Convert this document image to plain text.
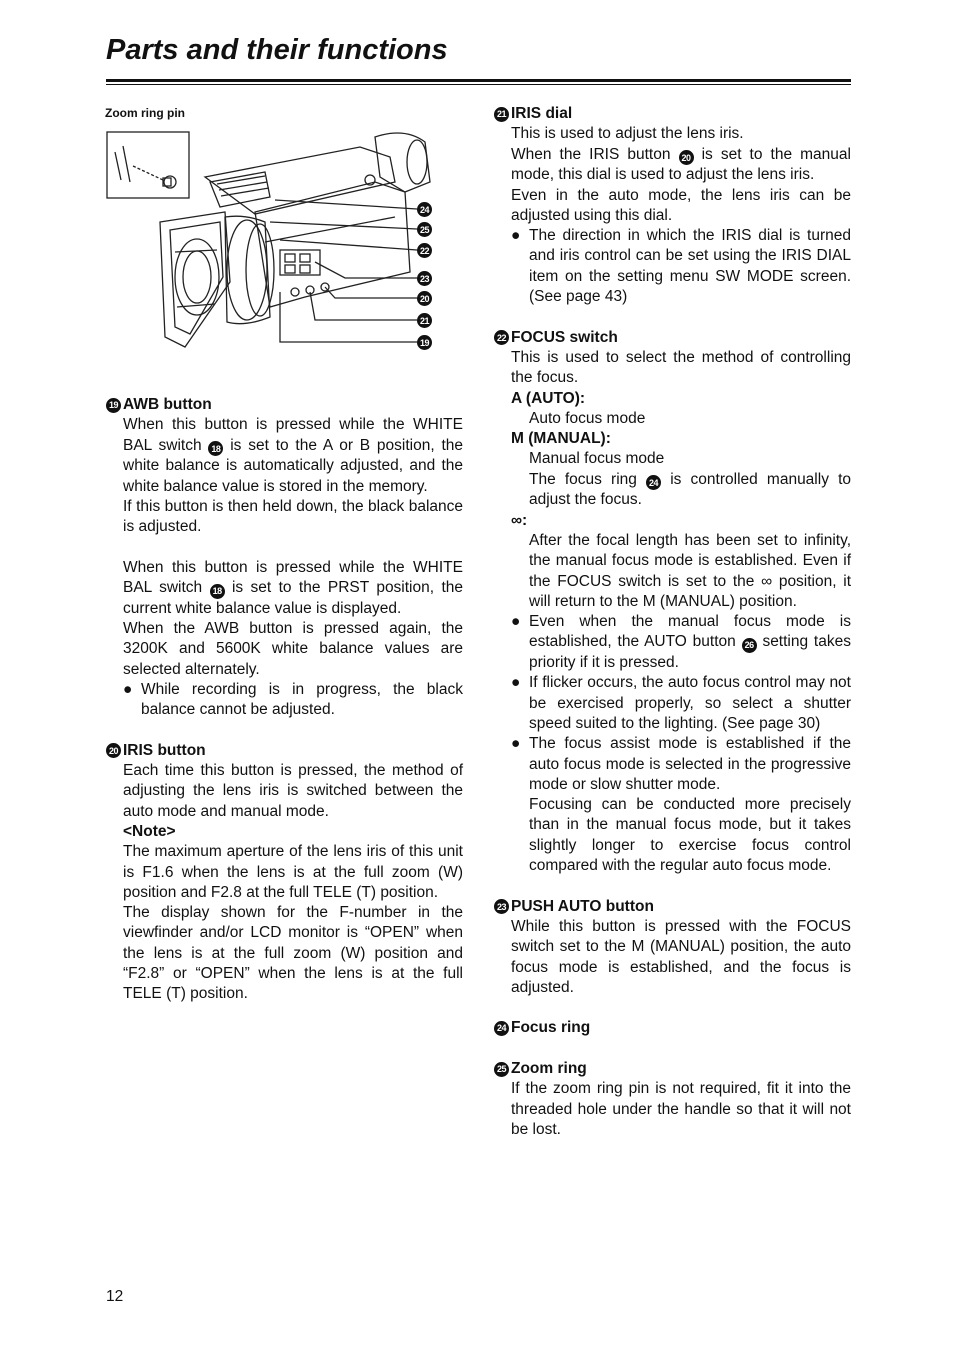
Parts and their functions
Zoom ring pin
24
25
22
23
20
21
19
19 AWB button
When this button is pressed while the WHITE BAL switch 18 is set to the A or B position, the white balance is automatically adjusted, and the white balance value is stored in the memory.
If this button is then held down, the black balance is adjusted.
When this button is pressed while the WHITE BAL switch 18 is set to the PRST position, the current white balance value is displayed.
When the AWB button is pressed again, the 3200K and 5600K white balance values are selected alternately.
● While recording is in progress, the black balance cannot be adjusted.
20 IRIS button
Each time this button is pressed, the method of adjusting the lens iris is switched between the auto mode and manual mode.
<Note>
The maximum aperture of the lens iris of this unit is F1.6 when the lens is at the full zoom (W) position and F2.8 at the full TELE (T) position.
The display shown for the F-number in the viewfinder and/or LCD monitor is “OPEN” when the lens is at the full zoom (W) position and “F2.8” or “OPEN” when the lens is at the full TELE (T) position.
21 IRIS dial
This is used to adjust the lens iris.
When the IRIS button 20 is set to the manual mode, this dial is used to adjust the lens iris.
Even in the auto mode, the lens iris can be adjusted using this dial.
● The direction in which the IRIS dial is turned and iris control can be set using the IRIS DIAL item on the setting menu SW MODE screen. (See page 43)
22 FOCUS switch
This is used to select the method of controlling the focus.
A (AUTO):
Auto focus mode
M (MANUAL):
Manual focus mode
The focus ring 24 is controlled manually to adjust the focus.
∞:
After the focal length has been set to infinity, the manual focus mode is established. Even if the FOCUS switch is set to the ∞ position, it will return to the M (MANUAL) position.
● Even when the manual focus mode is established, the AUTO button 26 setting takes priority if it is pressed.
● If flicker occurs, the auto focus control may not be exercised properly, so select a shutter speed suited to the lighting. (See page 30)
● The focus assist mode is established if the auto focus mode is selected in the progressive mode or slow shutter mode.
Focusing can be conducted more precisely than in the manual focus mode, but it takes slightly longer to exercise focus control compared with the regular auto focus mode.
23 PUSH AUTO button
While this button is pressed with the FOCUS switch set to the M (MANUAL) position, the auto focus mode is established, and the focus is adjusted.
24 Focus ring
25 Zoom ring
If the zoom ring pin is not required, fit it into the threaded hole under the handle so that it will not be lost.
12
